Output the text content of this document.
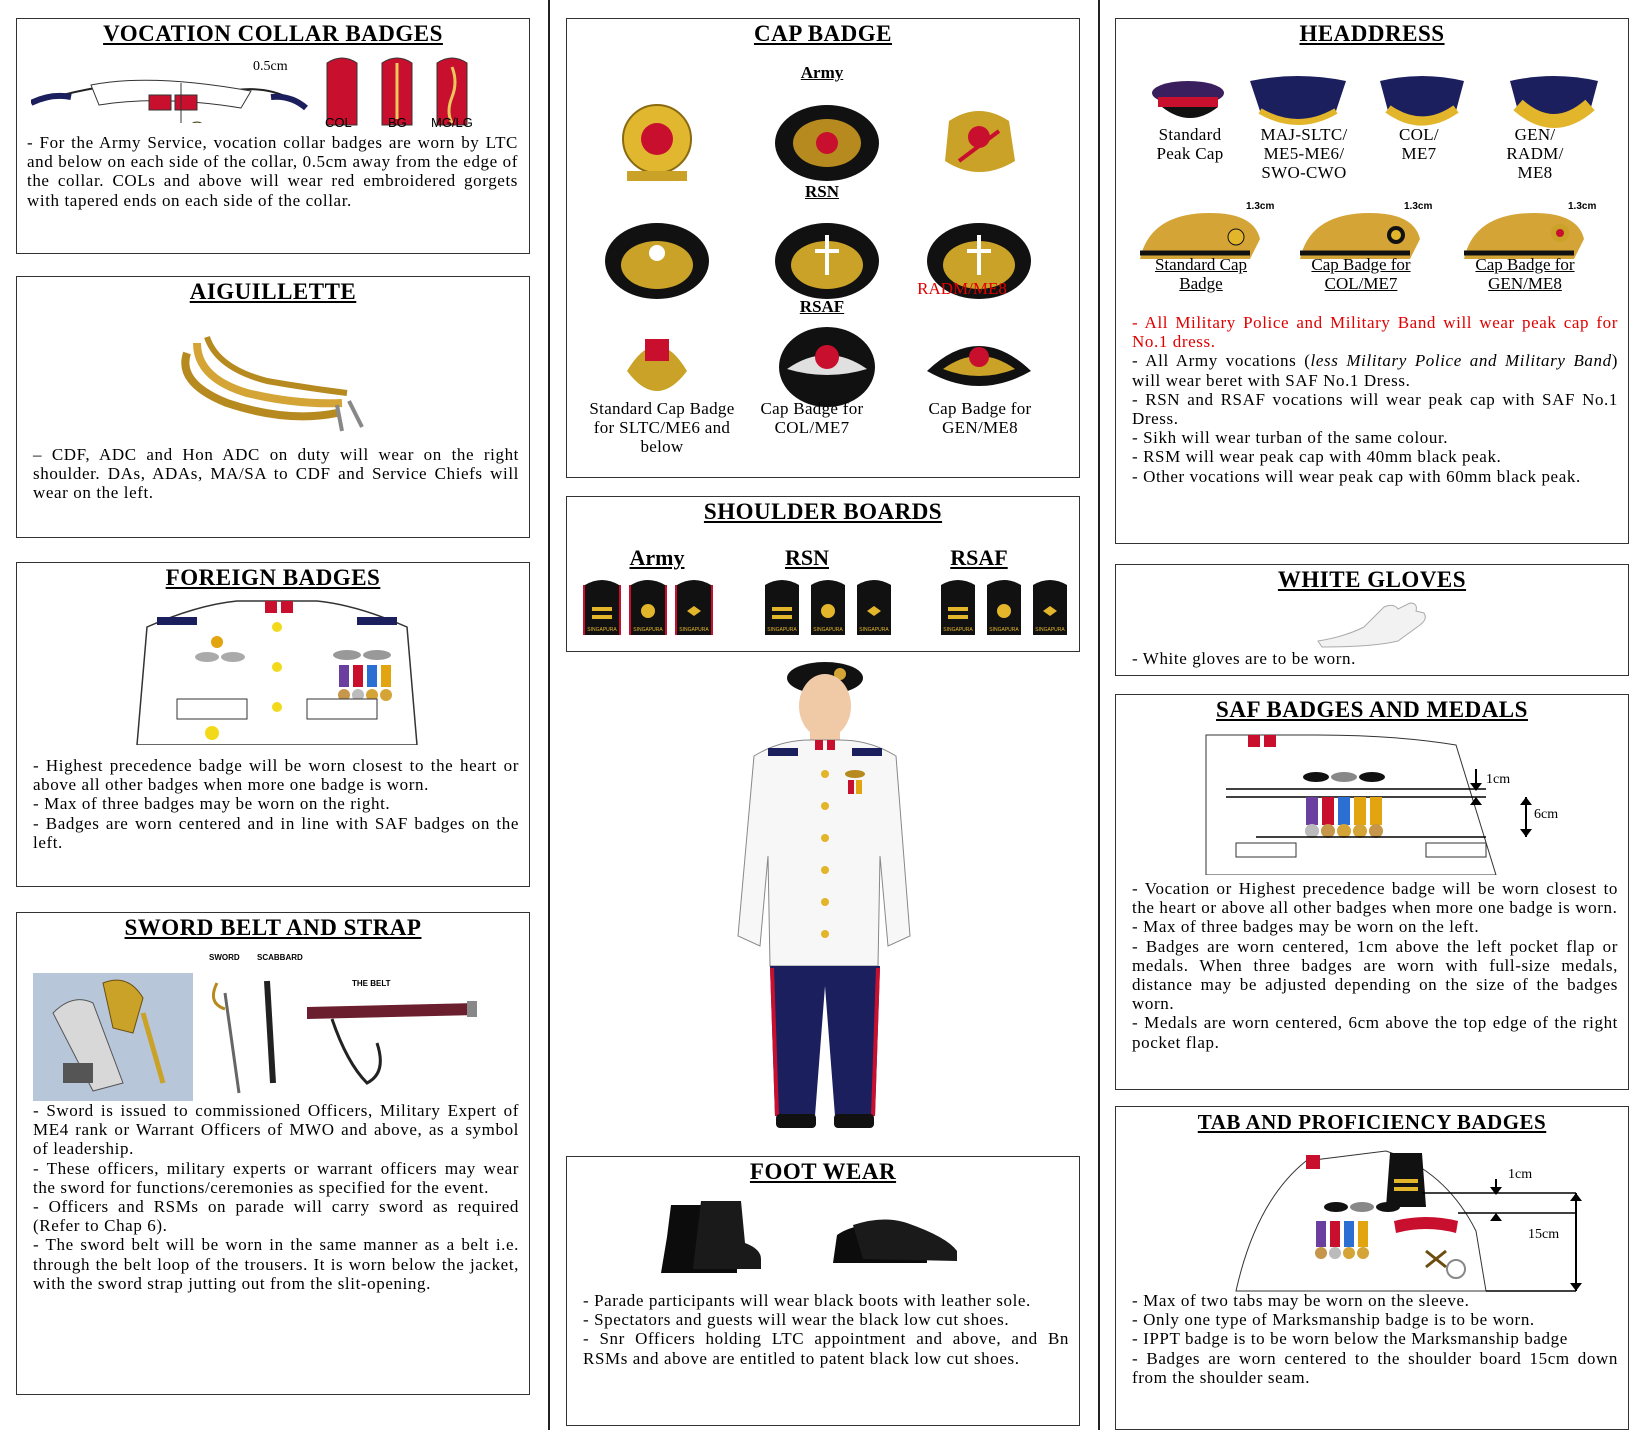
VOCATION COLLAR BADGES
0.5cm
COL	BG MG/LG
- For the Army Service, vocation collar badges are worn by LTC and below on each side of the collar, 0.5cm away from the edge of the collar. COLs and above will wear red embroidered gorgets with tapered ends on each side of the collar.
AIGUILLETTE
– CDF, ADC and Hon ADC on duty will wear on the right shoulder. DAs, ADAs, MA/SA to CDF and Service Chiefs will wear on the left.
FOREIGN BADGES

- Highest precedence badge will be worn closest to the heart or above all other badges when more one badge is worn.

- Max of three badges may be worn on the right.

- Badges are worn centered and in line with SAF badges on the left.

SWORD BELT AND STRAP
SWORD SCABBARD
THE BELT

- Sword is issued to commissioned Officers, Military Expert of ME4 rank or Warrant Officers of MWO and above, as a symbol of leadership.

- These officers, military experts or warrant officers may wear the sword for functions/ceremonies as specified for the event.

- Officers and RSMs on parade will carry sword as required (Refer to Chap 6).

- The sword belt will be worn in the same manner as a belt i.e. through the belt loop of the trousers. It is worn below the jacket, with the sword strap jutting out from the slit-opening.

CAP BADGE
Army
RSN
RADM/ME8
RSAF
Standard Cap Badge for SLTC/ME6 and below
Cap Badge for COL/ME7
Cap Badge for GEN/ME8
SHOULDER BOARDS
Army	RSN	RSAF
SINGAPURA	SINGAPURA	SINGAPURA	SINGAPURA	SINGAPURA	SINGAPURA	SINGAPURA	SINGAPURA	SINGAPURA
FOOT WEAR

- Parade participants will wear black boots with leather sole.

- Spectators and guests will wear the black low cut shoes.

- Snr Officers holding LTC appointment and above, and Bn RSMs and above are entitled to patent black low cut shoes.

HEADDRESS
Standard Peak Cap
MAJ-SLTC/ ME5-ME6/ SWO-CWO
COL/ ME7
GEN/ RADM/ ME8
1.3cm	1.3cm	1.3cm
Standard Cap Badge
Cap Badge for COL/ME7
Cap Badge for GEN/ME8

- All Military Police and Military Band will wear peak cap for No.1 dress.

- All Army vocations (less Military Police and Military Band) will wear beret with SAF No.1 Dress.

- RSN and RSAF vocations will wear peak cap with SAF No.1 Dress.

- Sikh will wear turban of the same colour.

- RSM will wear peak cap with 40mm black peak.

- Other vocations will wear peak cap with 60mm black peak.

WHITE GLOVES
- White gloves are to be worn.
SAF BADGES AND MEDALS
1cm
6cm

- Vocation or Highest precedence badge will be worn closest to the heart or above all other badges when more one badge is worn.

- Max of three badges may be worn on the left.

- Badges are worn centered, 1cm above the left pocket flap or medals. When three badges are worn with full-size medals, distance may be adjusted depending on the size of the badges worn.

- Medals are worn centered, 6cm above the top edge of the right pocket flap.

TAB AND PROFICIENCY BADGES
1cm
15cm

- Max of two tabs may be worn on the sleeve.

- Only one type of Marksmanship badge is to be worn.

- IPPT badge is to be worn below the Marksmanship badge

- Badges are worn centered to the shoulder board 15cm down from the shoulder seam.
